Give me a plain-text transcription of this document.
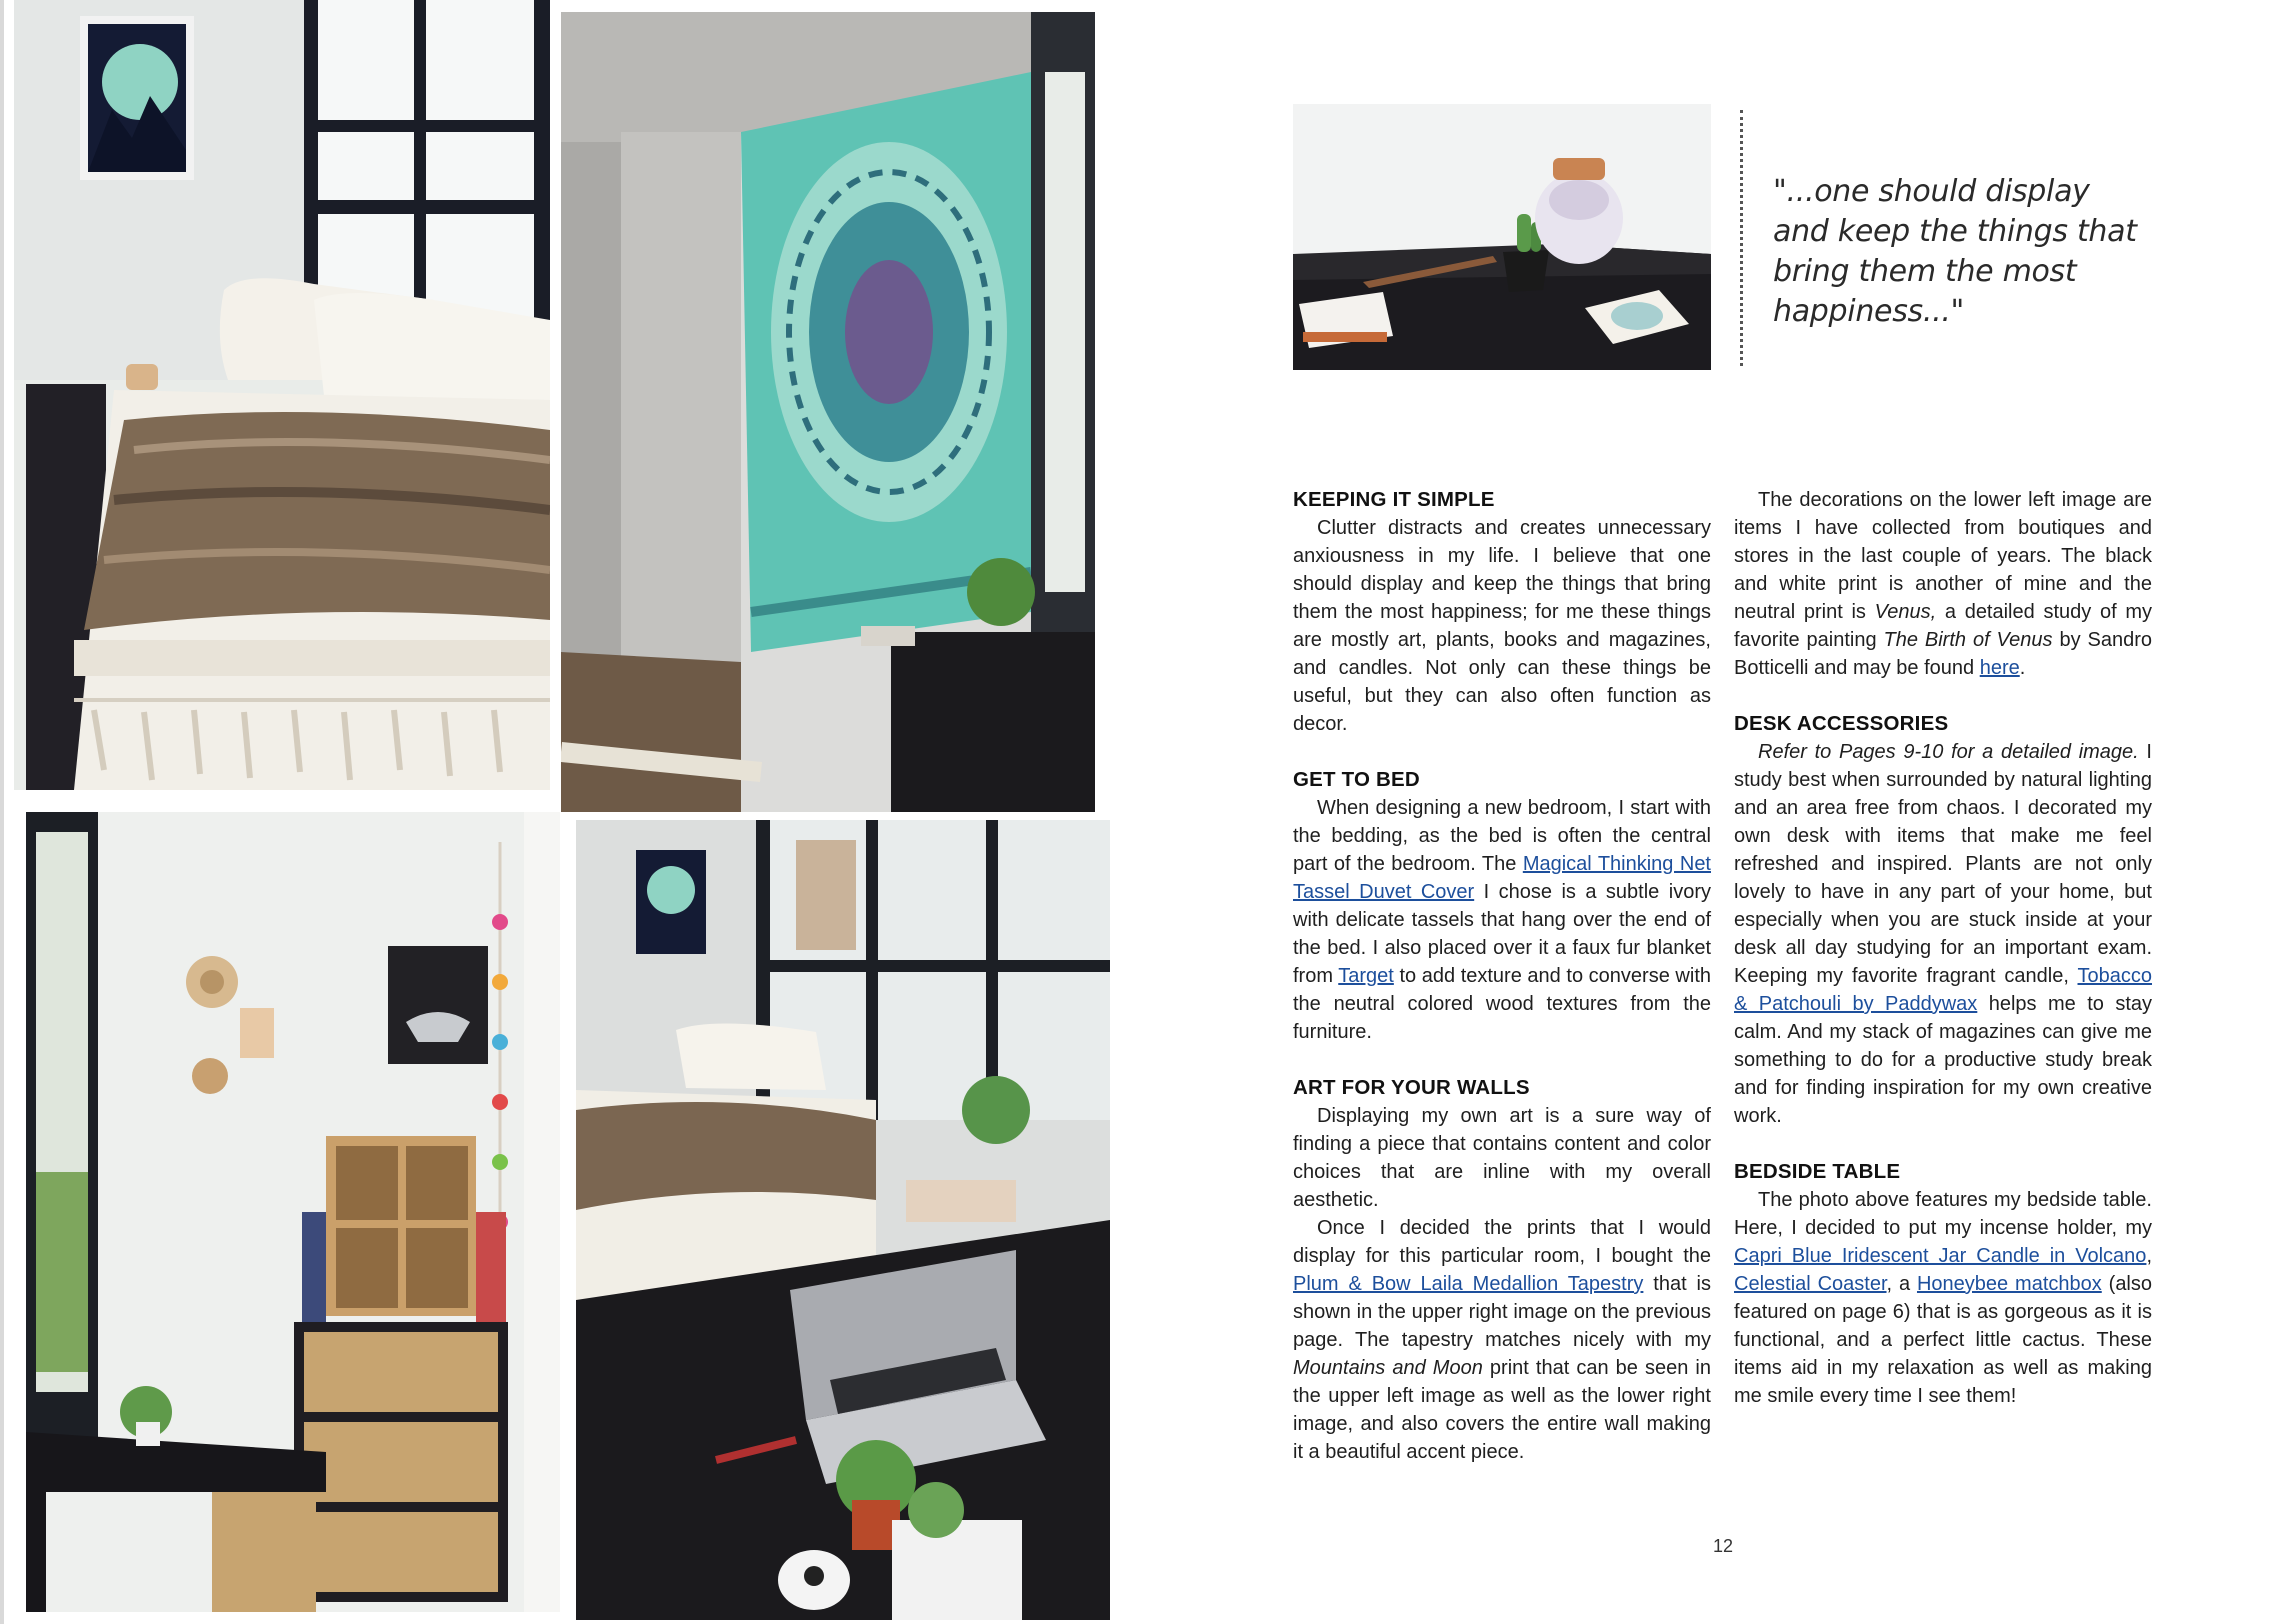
"...one should display and keep the things that bring them the most happiness..."
KEEPING IT SIMPLE

Clutter distracts and creates unnecessary anxiousness in my life. I believe that one should display and keep the things that bring them the most happiness; for me these things are mostly art, plants, books and magazines, and candles. Not only can these things be useful, but they can also often function as decor.

GET TO BED

When designing a new bedroom, I start with the bedding, as the bed is often the central part of the bedroom. The Magical Thinking Net Tassel Duvet Cover I chose is a subtle ivory with delicate tassels that hang over the end of the bed. I also placed over it a faux fur blanket from Target to add texture and to converse with the neutral colored wood textures from the furniture.

ART FOR YOUR WALLS

Displaying my own art is a sure way of finding a piece that contains content and color choices that are inline with my overall aesthetic.

Once I decided the prints that I would display for this particular room, I bought the Plum & Bow Laila Medallion Tapestry that is shown in the upper right image on the previous page. The tapestry matches nicely with my Mountains and Moon print that can be seen in the upper left image as well as the lower right image, and also covers the entire wall making it a beautiful accent piece.

The decorations on the lower left image are items I have collected from boutiques and stores in the last couple of years. The black and white print is another of mine and the neutral print is Venus, a detailed study of my favorite painting The Birth of Venus by Sandro Botticelli and may be found here.

DESK ACCESSORIES

Refer to Pages 9-10 for a detailed image. I study best when surrounded by natural lighting and an area free from chaos. I decorated my own desk with items that make me feel refreshed and inspired. Plants are not only lovely to have in any part of your home, but especially when you are stuck inside at your desk all day studying for an important exam. Keeping my favorite fragrant candle, Tobacco & Patchouli by Paddywax helps me to stay calm. And my stack of magazines can give me something to do for a productive study break and for finding inspiration for my own creative work.

BEDSIDE TABLE

The photo above features my bedside table. Here, I decided to put my incense holder, my Capri Blue Iridescent Jar Candle in Volcano, Celestial Coaster, a Honeybee matchbox (also featured on page 6) that is as gorgeous as it is functional, and a perfect little cactus. These items aid in my relaxation as well as making me smile every time I see them!

12
